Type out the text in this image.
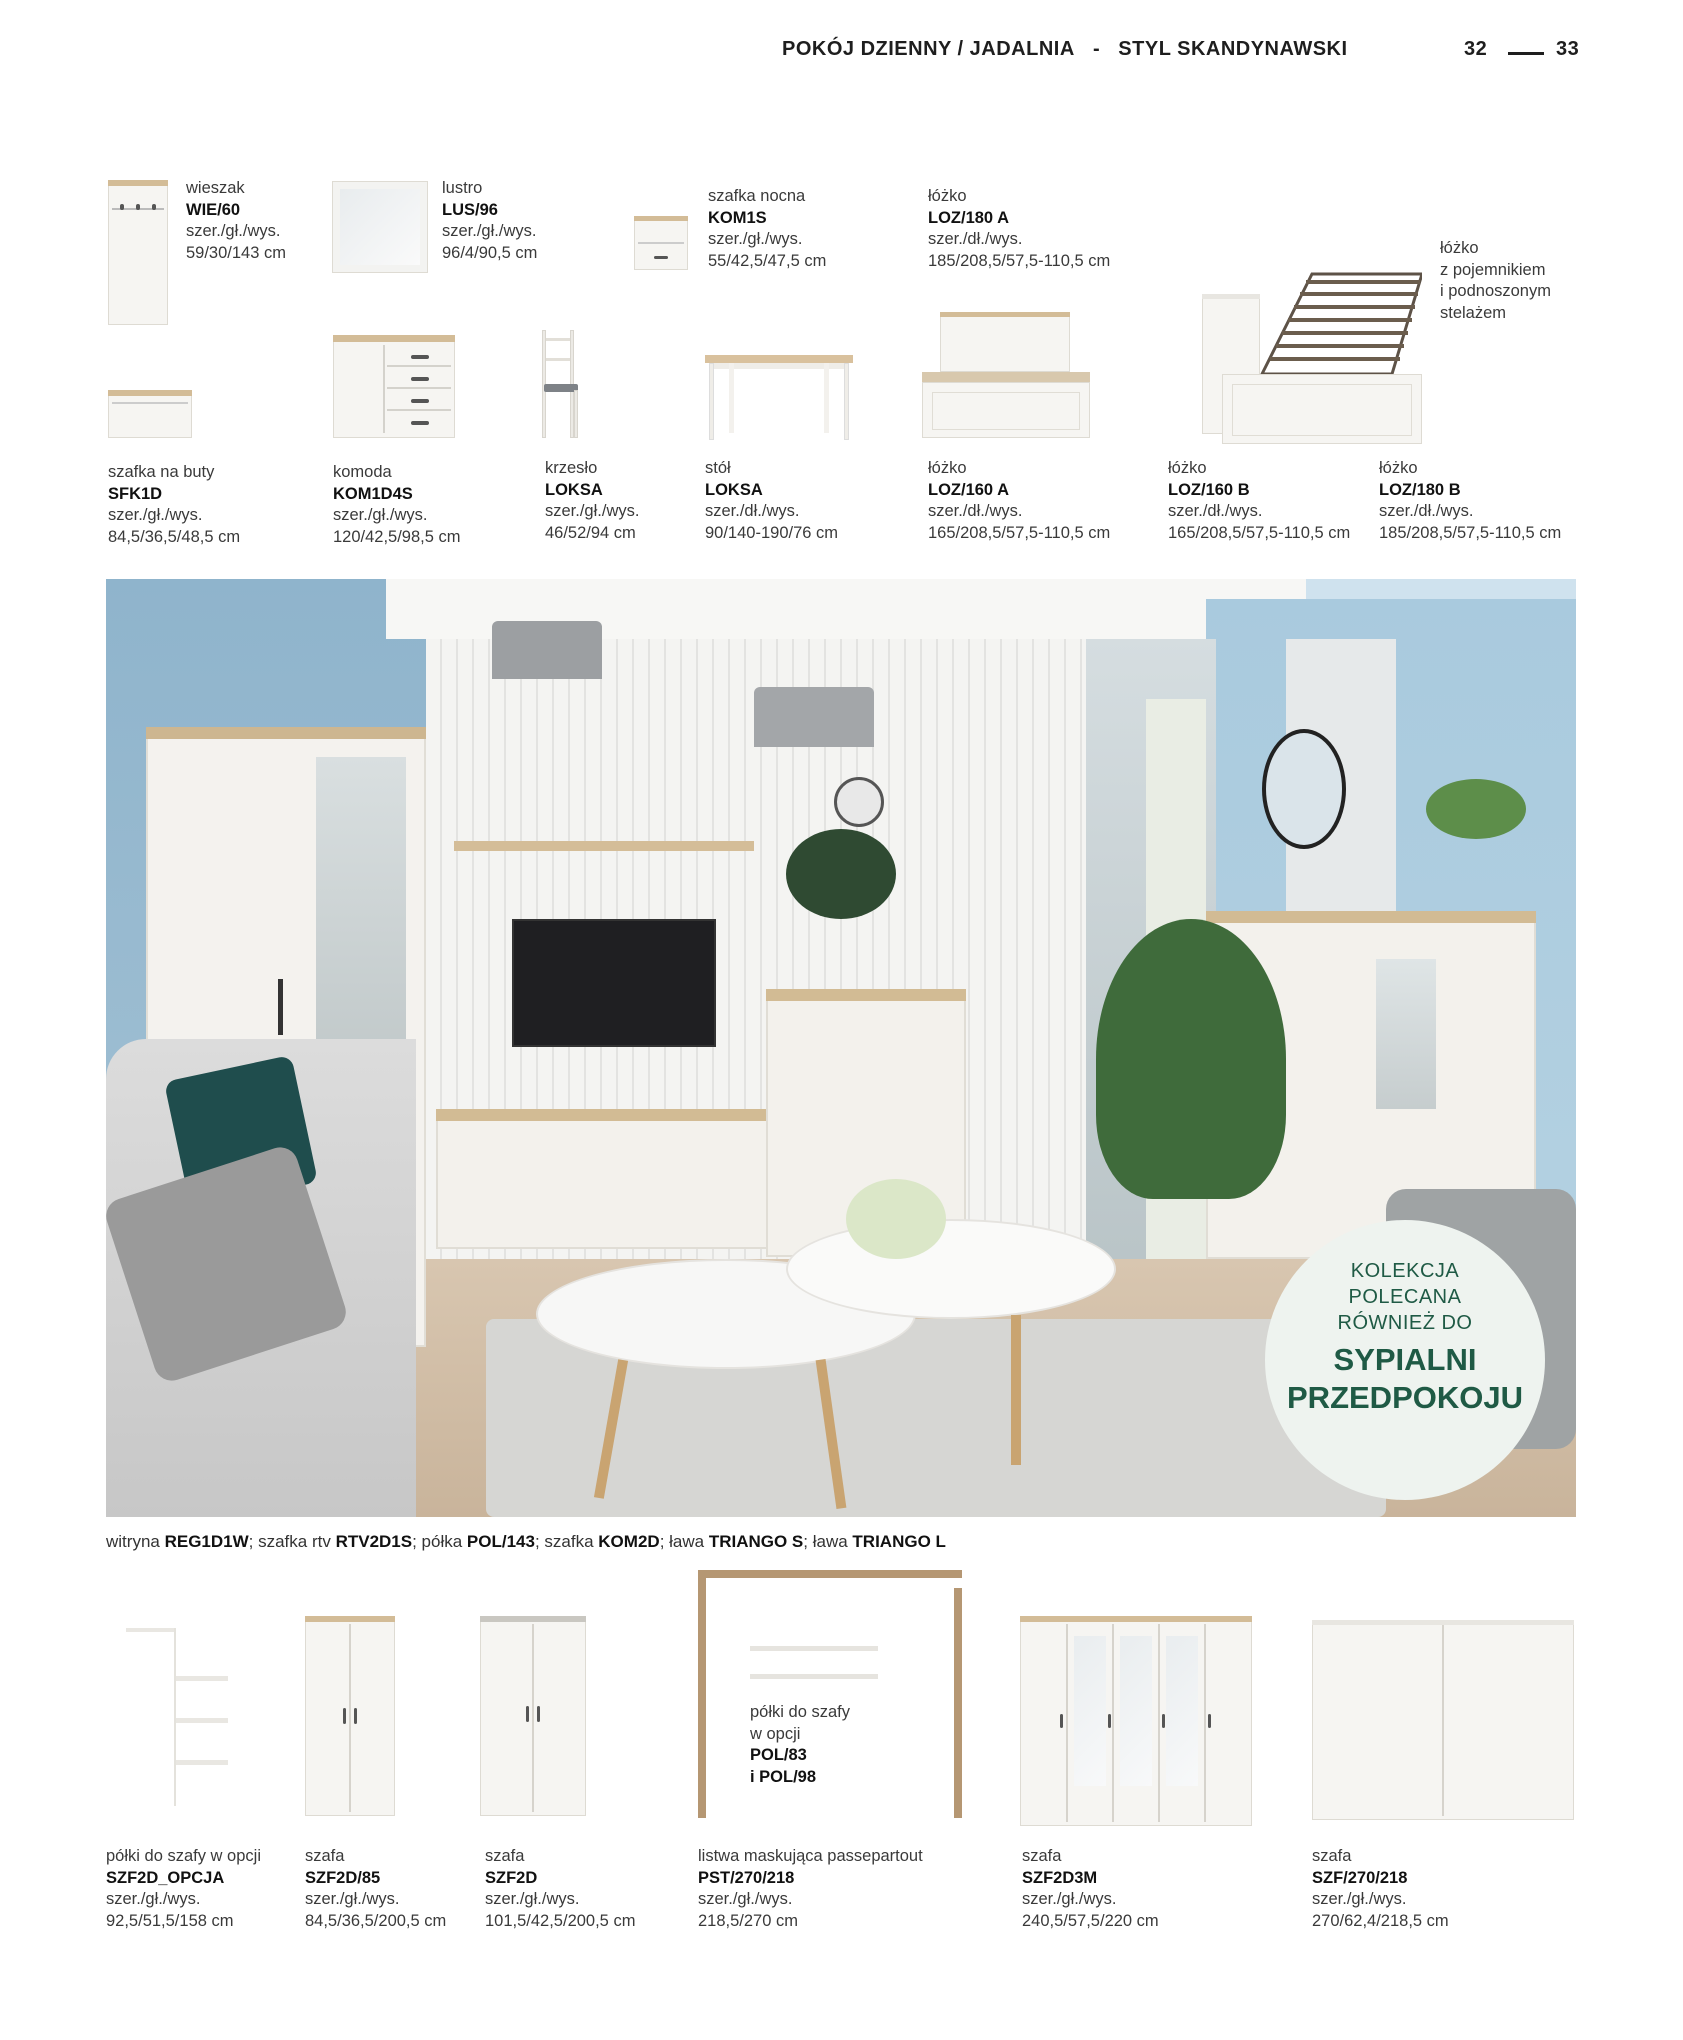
POKÓJ DZIENNY / JADALNIA - STYL SKANDYNAWSKI	32	33
wieszak
WIE/60
szer./gł./wys.
59/30/143 cm
lustro
LUS/96
szer./gł./wys.
96/4/90,5 cm
szafka nocna
KOM1S
szer./gł./wys.
55/42,5/47,5 cm
łóżko
LOZ/180 A
szer./dł./wys.
185/208,5/57,5-110,5 cm
łóżko
z pojemnikiem
i podnoszonym
stelażem
szafka na buty
SFK1D
szer./gł./wys.
84,5/36,5/48,5 cm
komoda
KOM1D4S
szer./gł./wys.
120/42,5/98,5 cm
krzesło
LOKSA
szer./gł./wys.
46/52/94 cm
stół
LOKSA
szer./dł./wys.
90/140-190/76 cm
łóżko
LOZ/160 A
szer./dł./wys.
165/208,5/57,5-110,5 cm
łóżko
LOZ/160 B
szer./dł./wys.
165/208,5/57,5-110,5 cm
łóżko
LOZ/180 B
szer./dł./wys.
185/208,5/57,5-110,5 cm
KOLEKCJA
POLECANA
RÓWNIEŻ DO
SYPIALNI
PRZEDPOKOJU
witryna REG1D1W; szafka rtv RTV2D1S; półka POL/143; szafka KOM2D; ława TRIANGO S; ława TRIANGO L
półki do szafy
w opcji
POL/83
i POL/98
półki do szafy w opcji
SZF2D_OPCJA
szer./gł./wys.
92,5/51,5/158 cm
szafa
SZF2D/85
szer./gł./wys.
84,5/36,5/200,5 cm
szafa
SZF2D
szer./gł./wys.
101,5/42,5/200,5 cm
listwa maskująca passepartout
PST/270/218
szer./gł./wys.
218,5/270 cm
szafa
SZF2D3M
szer./gł./wys.
240,5/57,5/220 cm
szafa
SZF/270/218
szer./gł./wys.
270/62,4/218,5 cm
